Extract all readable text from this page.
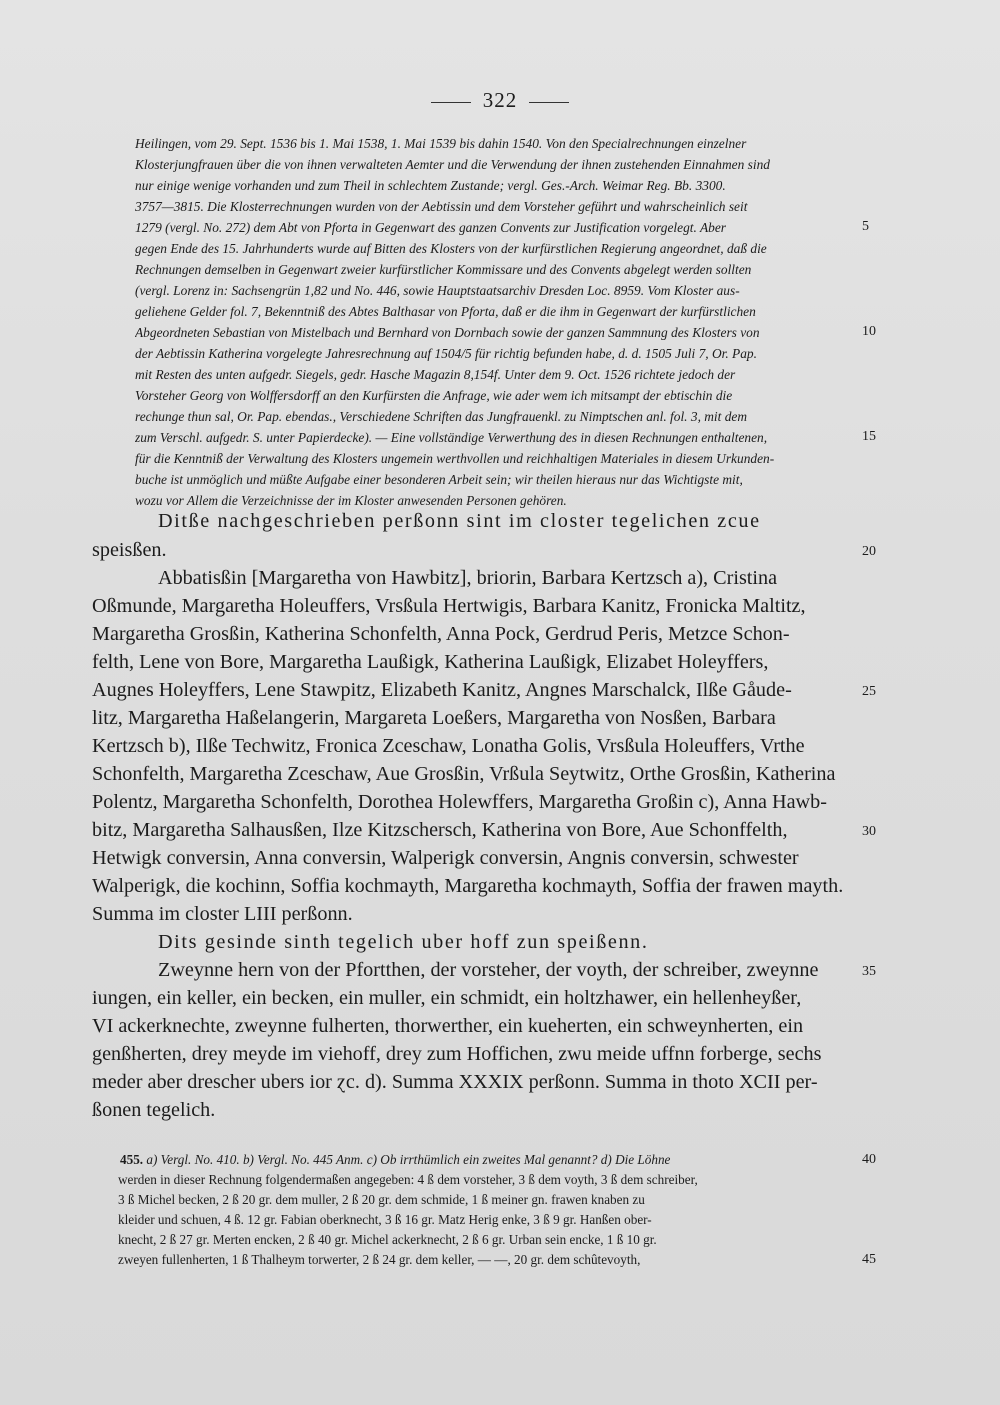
322
Heilingen, vom 29. Sept. 1536 bis 1. Mai 1538, 1. Mai 1539 bis dahin 1540. Von den Specialrechnungen einzelner
Klosterjungfrauen über die von ihnen verwalteten Aemter und die Verwendung der ihnen zustehenden Einnahmen sind
nur einige wenige vorhanden und zum Theil in schlechtem Zustande; vergl. Ges.-Arch. Weimar Reg. Bb. 3300.
3757—3815. Die Klosterrechnungen wurden von der Aebtissin und dem Vorsteher geführt und wahrscheinlich seit
1279 (vergl. No. 272) dem Abt von Pforta in Gegenwart des ganzen Convents zur Justification vorgelegt. Aber
gegen Ende des 15. Jahrhunderts wurde auf Bitten des Klosters von der kurfürstlichen Regierung angeordnet, daß die
Rechnungen demselben in Gegenwart zweier kurfürstlicher Kommissare und des Convents abgelegt werden sollten
(vergl. Lorenz in: Sachsengrün 1,82 und No. 446, sowie Hauptstaatsarchiv Dresden Loc. 8959. Vom Kloster aus-
geliehene Gelder fol. 7, Bekenntniß des Abtes Balthasar von Pforta, daß er die ihm in Gegenwart der kurfürstlichen
Abgeordneten Sebastian von Mistelbach und Bernhard von Dornbach sowie der ganzen Sammnung des Klosters von
der Aebtissin Katherina vorgelegte Jahresrechnung auf 1504/5 für richtig befunden habe, d. d. 1505 Juli 7, Or. Pap.
mit Resten des unten aufgedr. Siegels, gedr. Hasche Magazin 8,154f. Unter dem 9. Oct. 1526 richtete jedoch der
Vorsteher Georg von Wolffersdorff an den Kurfürsten die Anfrage, wie ader wem ich mitsampt der ebtischin die
rechunge thun sal, Or. Pap. ebendas., Verschiedene Schriften das Jungfrauenkl. zu Nimptschen anl. fol. 3, mit dem
zum Verschl. aufgedr. S. unter Papierdecke). — Eine vollständige Verwerthung des in diesen Rechnungen enthaltenen,
für die Kenntniß der Verwaltung des Klosters ungemein werthvollen und reichhaltigen Materiales in diesem Urkunden-
buche ist unmöglich und müßte Aufgabe einer besonderen Arbeit sein; wir theilen hieraus nur das Wichtigste mit,
wozu vor Allem die Verzeichnisse der im Kloster anwesenden Personen gehören.
Ditße nachgeschrieben perßonn sint im closter tegelichen zcue
speisßen.
Abbatisßin [Margaretha von Hawbitz], briorin, Barbara Kertzsch a), Cristina
Oßmunde, Margaretha Holeuffers, Vrsßula Hertwigis, Barbara Kanitz, Fronicka Maltitz,
Margaretha Grosßin, Katherina Schonfelth, Anna Pock, Gerdrud Peris, Metzce Schon-
felth, Lene von Bore, Margaretha Laußigk, Katherina Laußigk, Elizabet Holeyffers,
Augnes Holeyffers, Lene Stawpitz, Elizabeth Kanitz, Angnes Marschalck, Ilße Gåude-
litz, Margaretha Haßelangerin, Margareta Loeßers, Margaretha von Nosßen, Barbara
Kertzsch b), Ilße Techwitz, Fronica Zceschaw, Lonatha Golis, Vrsßula Holeuffers, Vrthe
Schonfelth, Margaretha Zceschaw, Aue Grosßin, Vrßula Seytwitz, Orthe Grosßin, Katherina
Polentz, Margaretha Schonfelth, Dorothea Holewffers, Margaretha Großin c), Anna Hawb-
bitz, Margaretha Salhausßen, Ilze Kitzschersch, Katherina von Bore, Aue Schonffelth,
Hetwigk conversin, Anna conversin, Walperigk conversin, Angnis conversin, schwester
Walperigk, die kochinn, Soffia kochmayth, Margaretha kochmayth, Soffia der frawen mayth.
Summa im closter LIII perßonn.
Dits gesinde sinth tegelich uber hoff zun speißenn.
Zweynne hern von der Pfortthen, der vorsteher, der voyth, der schreiber, zweynne
iungen, ein keller, ein becken, ein muller, ein schmidt, ein holtzhawer, ein hellenheyßer,
VI ackerknechte, zweynne fulherten, thorwerther, ein kueherten, ein schweynherten, ein
genßherten, drey meyde im viehoff, drey zum Hoffichen, zwu meide uffnn forberge, sechs
meder aber drescher ubers ior ɀc. d). Summa XXXIX perßonn. Summa in thoto XCII per-
ßonen tegelich.
455. a) Vergl. No. 410. b) Vergl. No. 445 Anm. c) Ob irrthümlich ein zweites Mal genannt? d) Die Löhne
werden in dieser Rechnung folgendermaßen angegeben: 4 ß dem vorsteher, 3 ß dem voyth, 3 ß dem schreiber,
3 ß Michel becken, 2 ß 20 gr. dem muller, 2 ß 20 gr. dem schmide, 1 ß meiner gn. frawen knaben zu
kleider und schuen, 4 ß. 12 gr. Fabian oberknecht, 3 ß 16 gr. Matz Herig enke, 3 ß 9 gr. Hanßen ober-
knecht, 2 ß 27 gr. Merten encken, 2 ß 40 gr. Michel ackerknecht, 2 ß 6 gr. Urban sein encke, 1 ß 10 gr.
zweyen fullenherten, 1 ß Thalheym torwerter, 2 ß 24 gr. dem keller, — —, 20 gr. dem schûtevoyth,
5
10
15
20
25
30
35
40
45
